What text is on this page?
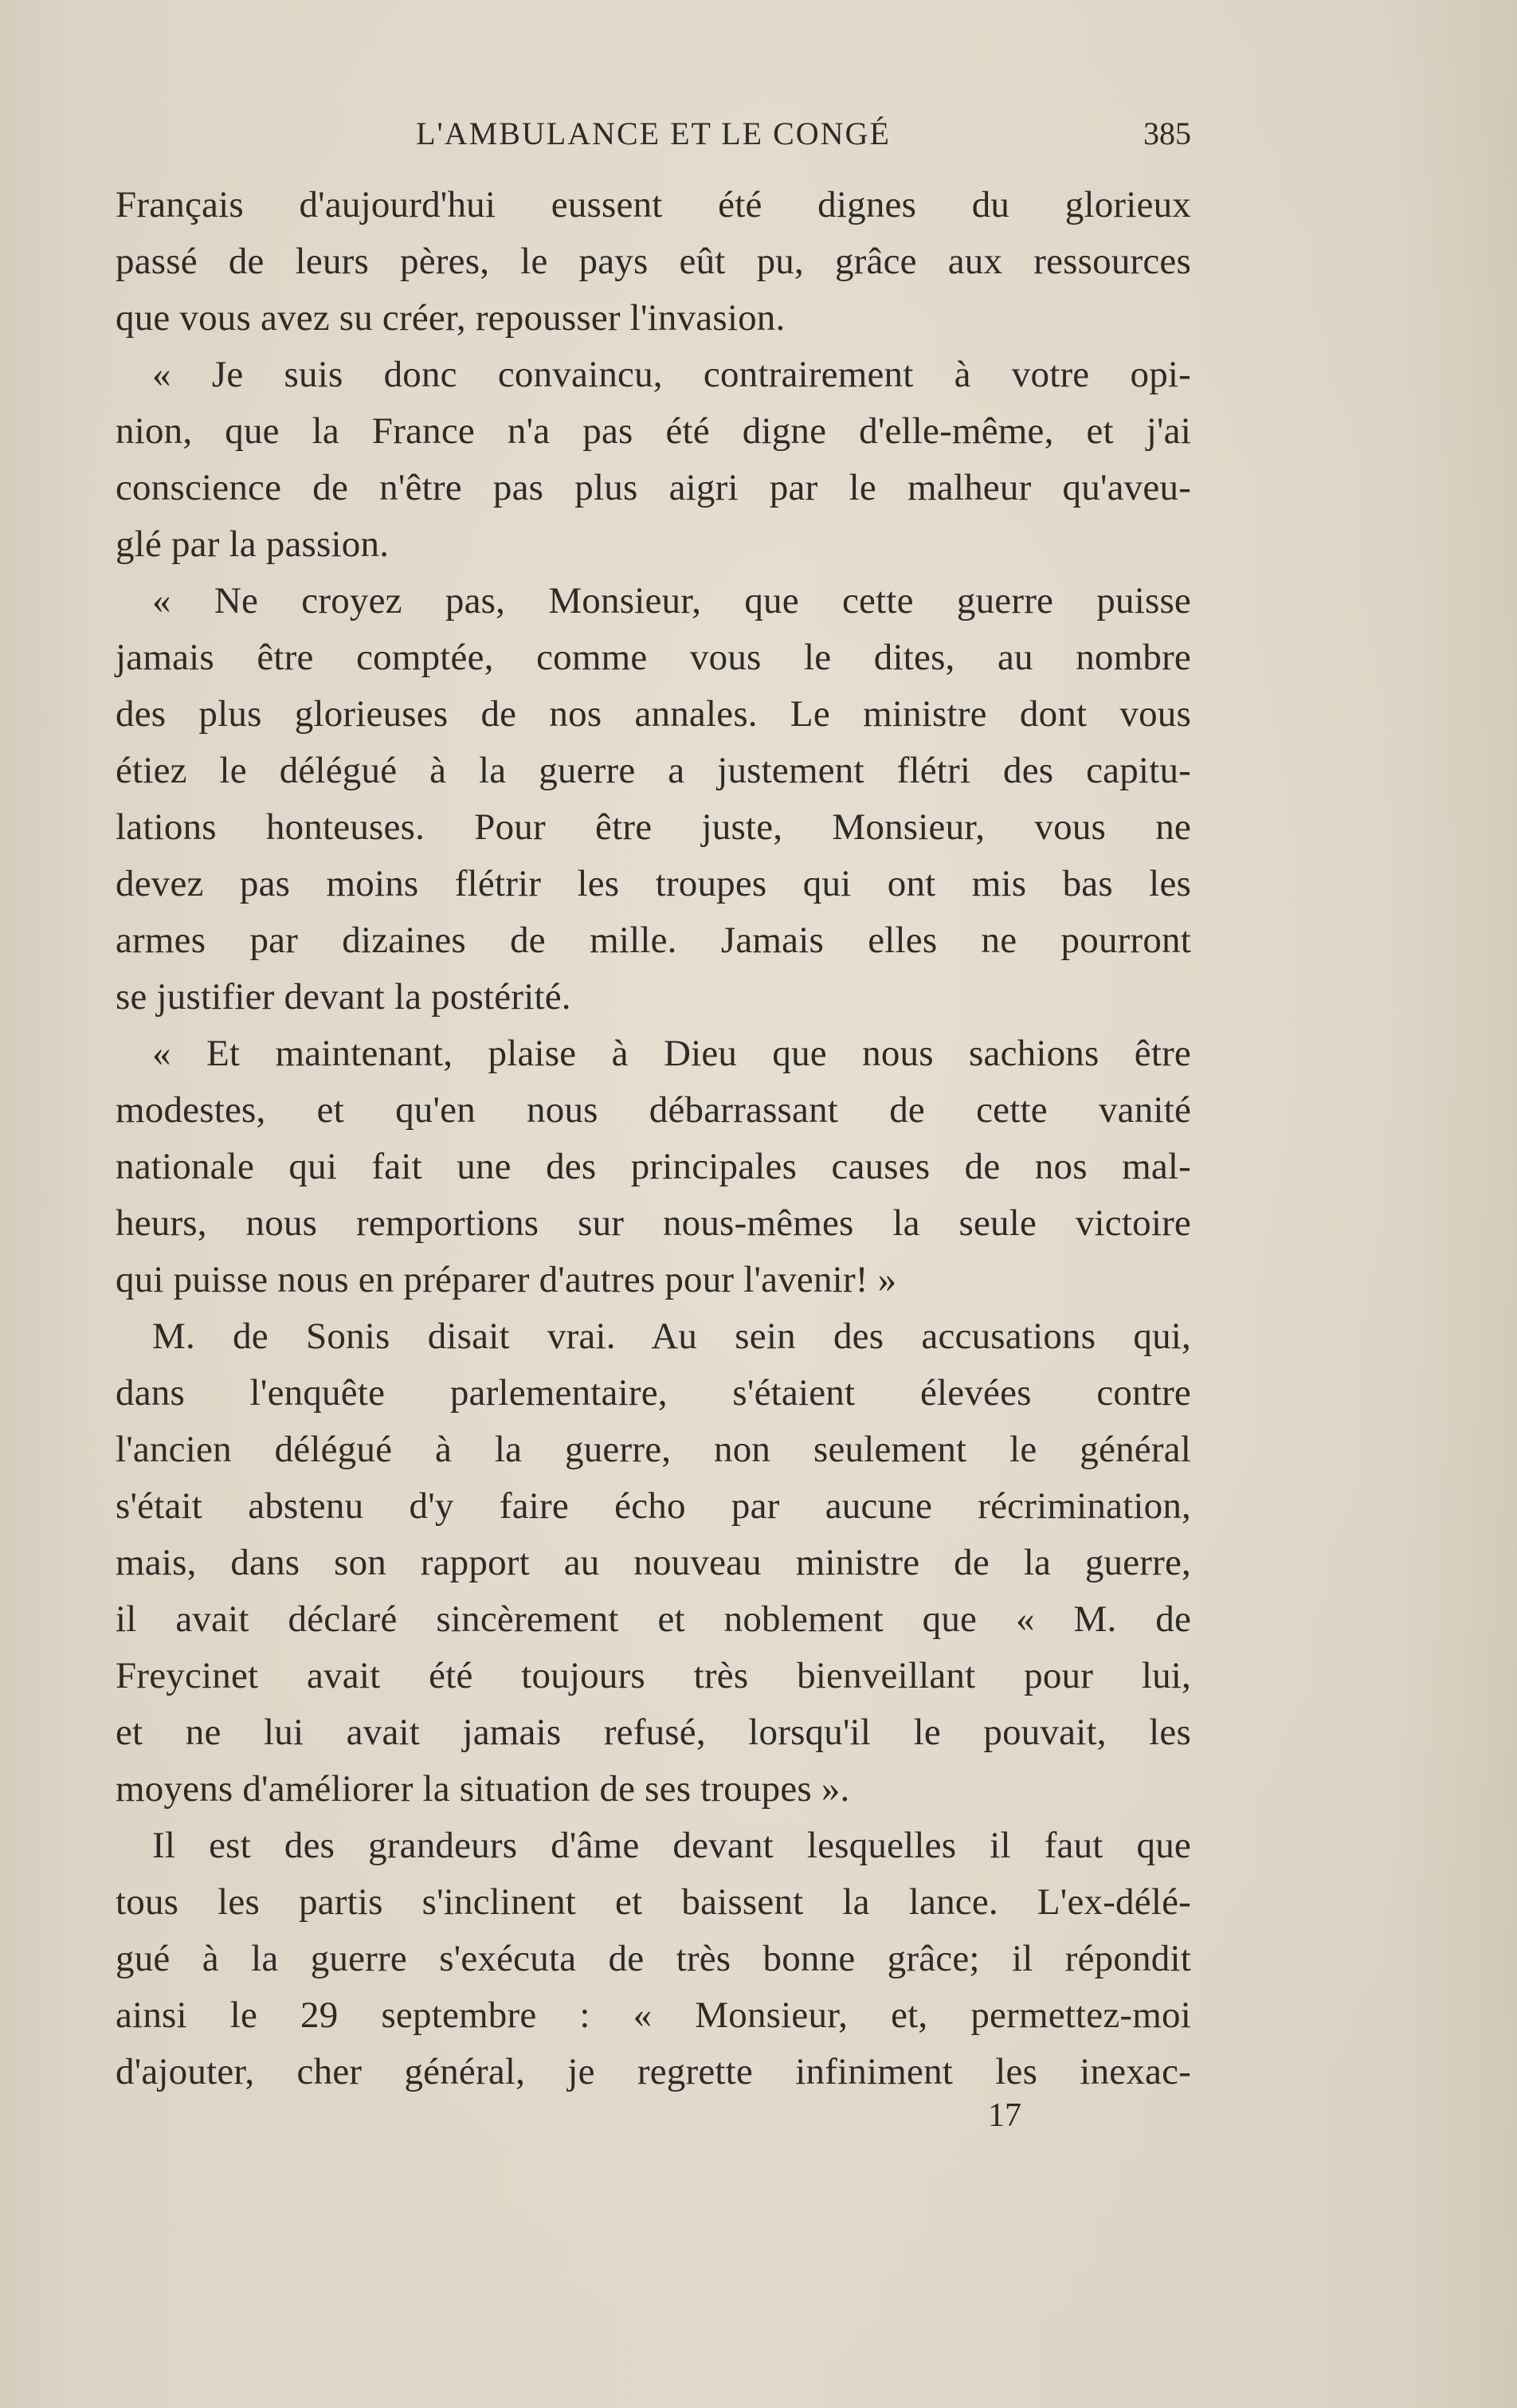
L'AMBULANCE ET LE CONGÉ	385
Français d'aujourd'hui eussent été dignes du glorieux
passé de leurs pères, le pays eût pu, grâce aux ressources
que vous avez su créer, repousser l'invasion.
« Je suis donc convaincu, contrairement à votre opi-
nion, que la France n'a pas été digne d'elle-même, et j'ai
conscience de n'être pas plus aigri par le malheur qu'aveu-
glé par la passion.
« Ne croyez pas, Monsieur, que cette guerre puisse
jamais être comptée, comme vous le dites, au nombre
des plus glorieuses de nos annales. Le ministre dont vous
étiez le délégué à la guerre a justement flétri des capitu-
lations honteuses. Pour être juste, Monsieur, vous ne
devez pas moins flétrir les troupes qui ont mis bas les
armes par dizaines de mille. Jamais elles ne pourront
se justifier devant la postérité.
« Et maintenant, plaise à Dieu que nous sachions être
modestes, et qu'en nous débarrassant de cette vanité
nationale qui fait une des principales causes de nos mal-
heurs, nous remportions sur nous-mêmes la seule victoire
qui puisse nous en préparer d'autres pour l'avenir! »
M. de Sonis disait vrai. Au sein des accusations qui,
dans l'enquête parlementaire, s'étaient élevées contre
l'ancien délégué à la guerre, non seulement le général
s'était abstenu d'y faire écho par aucune récrimination,
mais, dans son rapport au nouveau ministre de la guerre,
il avait déclaré sincèrement et noblement que « M. de
Freycinet avait été toujours très bienveillant pour lui,
et ne lui avait jamais refusé, lorsqu'il le pouvait, les
moyens d'améliorer la situation de ses troupes ».
Il est des grandeurs d'âme devant lesquelles il faut que
tous les partis s'inclinent et baissent la lance. L'ex-délé-
gué à la guerre s'exécuta de très bonne grâce; il répondit
ainsi le 29 septembre : « Monsieur, et, permettez-moi
d'ajouter, cher général, je regrette infiniment les inexac-
17
